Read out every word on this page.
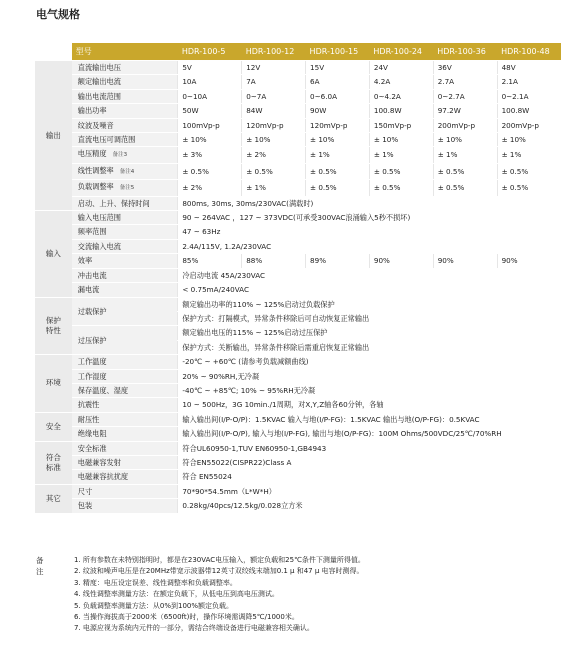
电气规格
	型号	HDR-100-5	HDR-100-12	HDR-100-15	HDR-100-24	HDR-100-36	HDR-100-48
输出	直流输出电压	5V	12V	15V	24V	36V	48V
	额定输出电流	10A	7A	6A	4.2A	2.7A	2.1A
	输出电流范围	0~10A	0~7A	0~6.0A	0~4.2A	0~2.7A	0~2.1A
	输出功率	50W	84W	90W	100.8W	97.2W	100.8W
	纹波及噪音	100mVp-p	120mVp-p	120mVp-p	150mVp-p	200mVp-p	200mVp-p
	直流电压可调范围	± 10%	± 10%	± 10%	± 10%	± 10%	± 10%
	电压精度 备注3	± 3%	± 2%	± 1%	± 1%	± 1%	± 1%
	线性调整率 备注4	± 0.5%	± 0.5%	± 0.5%	± 0.5%	± 0.5%	± 0.5%
	负载调整率 备注5	± 2%	± 1%	± 0.5%	± 0.5%	± 0.5%	± 0.5%
	启动、上升、保持时间	800ms, 30ms, 30ms/230VAC(满载时)					
输入	输入电压范围	90 ~ 264VAC ，127 ~ 373VDC(可承受300VAC浪涌输入5秒不损坏)					
	频率范围	47 ~ 63Hz					
	交流输入电流	2.4A/115V, 1.2A/230VAC					
	效率	85%	88%	89%	90%	90%	90%
	冲击电流	冷启动电流 45A/230VAC					
	漏电流	< 0.75mA/240VAC					
保护
特性	过载保护	额定输出功率的110% ~ 125%启动过负载保护					
		保护方式：打隔模式，异常条件移除后可自动恢复正常输出					
	过压保护	额定输出电压的115% ~ 125%启动过压保护					
		保护方式：关断输出，异常条件移除后需重启恢复正常输出					
环境	工作温度	-20℃ ~ +60℃ (请参考负载减额曲线)					
	工作湿度	20% ~ 90%RH,无冷凝					
	保存温度、湿度	-40℃ ~ +85℃; 10% ~ 95%RH无冷凝					
	抗震性	10 ~ 500Hz，3G 10min./1周期，对X,Y,Z轴各60分钟，各轴					
安全	耐压性	输入输出间(I/P-O/P)：1.5KVAC 输入与地(I/P-FG)：1.5KVAC 输出与地(O/P-FG)：0.5KVAC					
	绝缘电阻	输入输出间(I/P-O/P), 输入与地(I/P-FG), 输出与地(O/P-FG)：100M Ohms/500VDC/25℃/70%RH					
符合
标准	安全标准	符合UL60950-1,TUV EN60950-1,GB4943					
	电磁兼容发射	符合EN55022(CISPR22)Class A					
	电磁兼容抗扰度	符合 EN55024					
其它	尺寸	70*90*54.5mm（L*W*H）					
	包装	0.28kg/40pcs/12.5kg/0.028立方米					
备注
1. 所有参数在未特别指明时，都是在230VAC电压输入，额定负载和25℃条件下测量所得值。
2. 纹波和噪声电压是在20MHz带宽示波器带12英寸双绞线末端加0.1 μ 和47 μ 电容时测得。
3. 精度：电压设定误差、线性调整率和负载调整率。
4. 线性调整率测量方法：在额定负载下，从低电压到高电压测试。
5. 负载调整率测量方法：从0%到100%额定负载。
6. 当操作海拔高于2000米（6500ft)时，操作环境需调降5℃/1000米。
7. 电源应视为系统内元件的一部分，需结合终端设备进行电磁兼容相关确认。
